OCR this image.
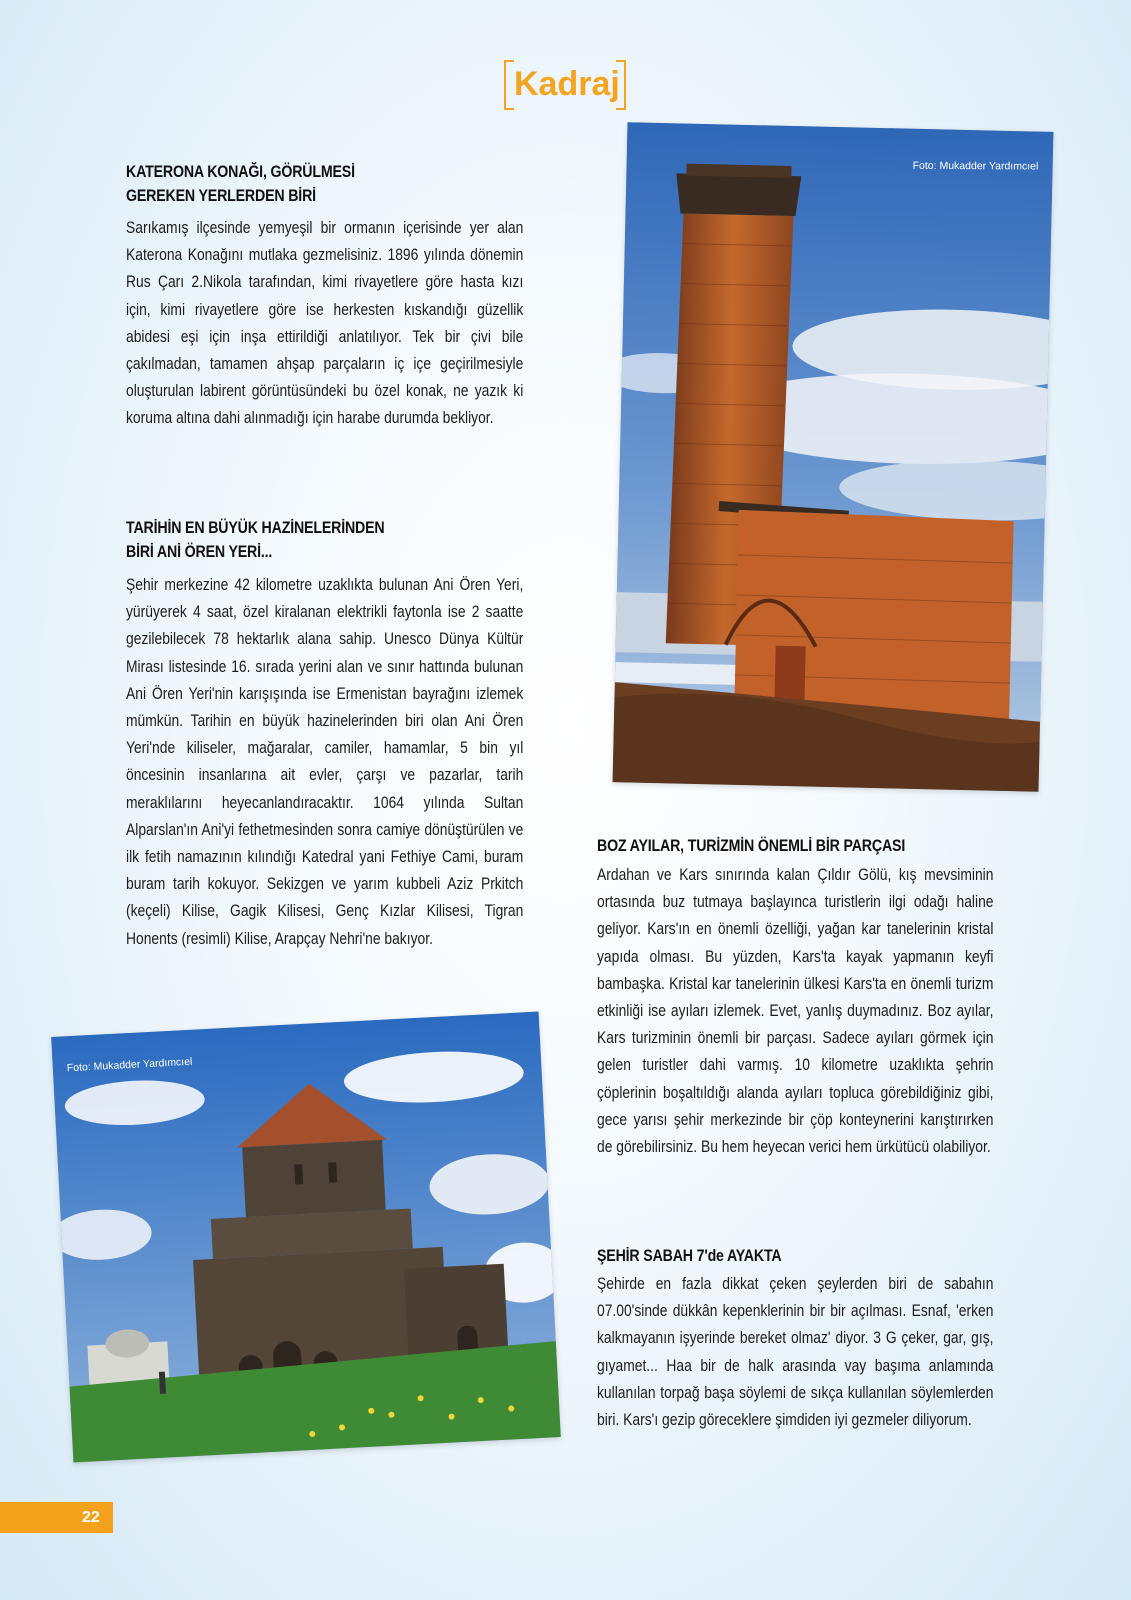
Kadraj
KATERONA KONAĞI, GÖRÜLMESİ
GEREKEN YERLERDEN BİRİ
Sarıkamış ilçesinde yemyeşil bir ormanın içerisinde yer alan Katerona Konağını mutlaka gezmelisiniz. 1896 yılında dönemin Rus Çarı 2.Nikola tarafından, kimi rivayetlere göre hasta kızı için, kimi rivayetlere göre ise herkesten kıskandığı güzellik abidesi eşi için inşa ettirildiği anlatılıyor. Tek bir çivi bile çakılmadan, tamamen ahşap parçaların iç içe geçirilmesiyle oluşturulan labirent görüntüsündeki bu özel konak, ne yazık ki koruma altına dahi alınmadığı için harabe durumda bekliyor.
TARİHİN EN BÜYÜK HAZİNELERİNDEN
BİRİ ANİ ÖREN YERİ...
Şehir merkezine 42 kilometre uzaklıkta bulunan Ani Ören Yeri, yürüyerek 4 saat, özel kiralanan elektrikli faytonla ise 2 saatte gezilebilecek 78 hektarlık alana sahip. Unesco Dünya Kültür Mirası listesinde 16. sırada yerini alan ve sınır hattında bulunan Ani Ören Yeri'nin karışışında ise Ermenistan bayrağını izlemek mümkün. Tarihin en büyük hazinelerinden biri olan Ani Ören Yeri'nde kiliseler, mağaralar, camiler, hamamlar, 5 bin yıl öncesinin insanlarına ait evler, çarşı ve pazarlar, tarih meraklılarını heyecanlandıracaktır. 1064 yılında Sultan Alparslan'ın Ani'yi fethetmesinden sonra camiye dönüştürülen ve ilk fetih namazının kılındığı Katedral yani Fethiye Cami, buram buram tarih kokuyor. Sekizgen ve yarım kubbeli Aziz Prkitch (keçeli) Kilise, Gagik Kilisesi, Genç Kızlar Kilisesi, Tigran Honents (resimli) Kilise, Arapçay Nehri'ne bakıyor.
Foto: Mukadder Yardımcıel
Foto: Mukadder Yardımcıel
BOZ AYILAR, TURİZMİN ÖNEMLİ BİR PARÇASI
Ardahan ve Kars sınırında kalan Çıldır Gölü, kış mevsiminin ortasında buz tutmaya başlayınca turistlerin ilgi odağı haline geliyor. Kars'ın en önemli özelliği, yağan kar tanelerinin kristal yapıda olması. Bu yüzden, Kars'ta kayak yapmanın keyfi bambaşka. Kristal kar tanelerinin ülkesi Kars'ta en önemli turizm etkinliği ise ayıları izlemek. Evet, yanlış duymadınız. Boz ayılar, Kars turizminin önemli bir parçası. Sadece ayıları görmek için gelen turistler dahi varmış. 10 kilometre uzaklıkta şehrin çöplerinin boşaltıldığı alanda ayıları topluca görebildiğiniz gibi, gece yarısı şehir merkezinde bir çöp konteynerini karıştırırken de görebilirsiniz. Bu hem heyecan verici hem ürkütücü olabiliyor.
ŞEHİR SABAH 7'de AYAKTA
Şehirde en fazla dikkat çeken şeylerden biri de sabahın 07.00'sinde dükkân kepenklerinin bir bir açılması. Esnaf, 'erken kalkmayanın işyerinde bereket olmaz' diyor. 3 G çeker, gar, gış, gıyamet... Haa bir de halk arasında vay başıma anlamında kullanılan torpağ başa söylemi de sıkça kullanılan söylemlerden biri. Kars'ı gezip göreceklere şimdiden iyi gezmeler diliyorum.
22
